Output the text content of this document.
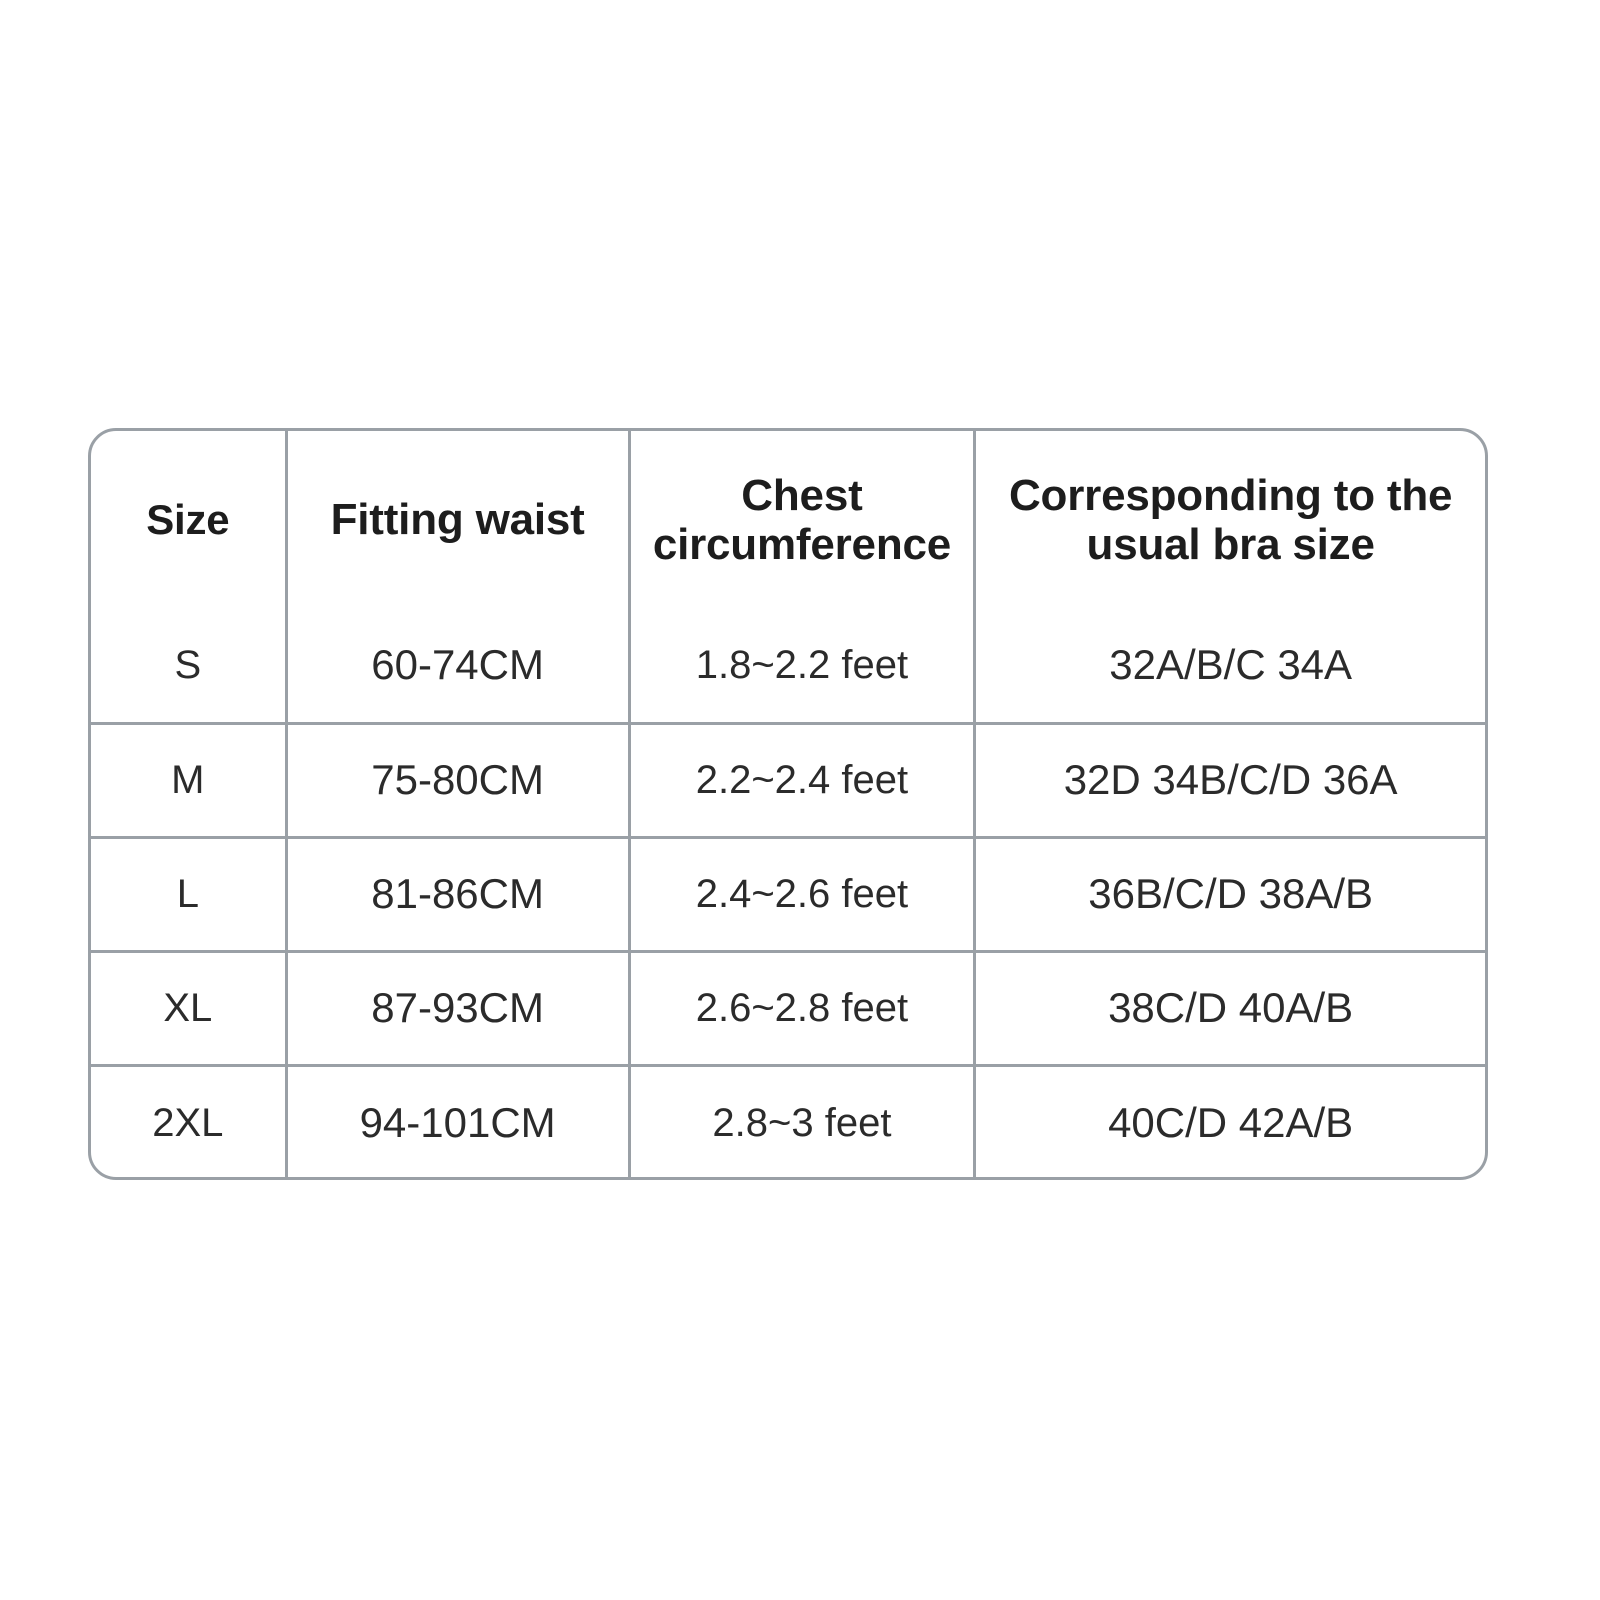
Size	Fitting waist	Chest circumference	Corresponding to the usual bra size
S	60-74CM	1.8~2.2 feet	32A/B/C 34A
M	75-80CM	2.2~2.4 feet	32D 34B/C/D 36A
L	81-86CM	2.4~2.6 feet	36B/C/D 38A/B
XL	87-93CM	2.6~2.8 feet	38C/D 40A/B
2XL	94-101CM	2.8~3 feet	40C/D 42A/B
